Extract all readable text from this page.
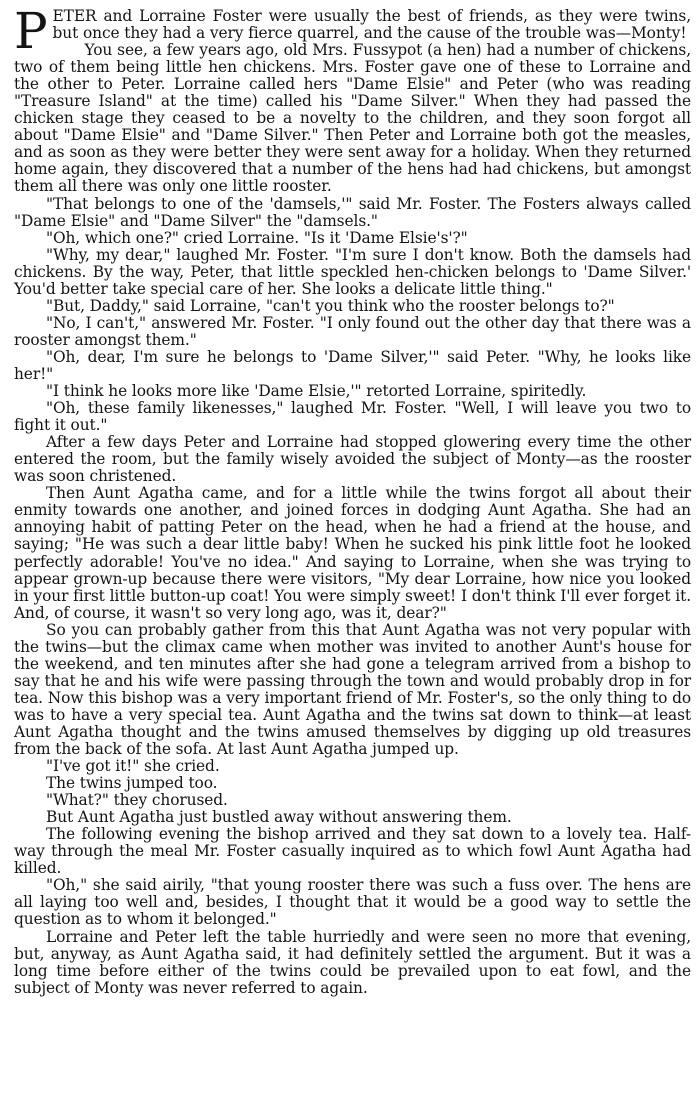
PETER and Lorraine Foster were usually the best of friends, as they were twins, but once they had a very fierce quarrel, and the cause of the trouble was—Monty!

You see, a few years ago, old Mrs. Fussypot (a hen) had a number of chickens, two of them being little hen chickens. Mrs. Foster gave one of these to Lorraine and the other to Peter. Lorraine called hers "Dame Elsie" and Peter (who was reading "Treasure Island" at the time) called his "Dame Silver." When they had passed the chicken stage they ceased to be a novelty to the children, and they soon forgot all about "Dame Elsie" and "Dame Silver." Then Peter and Lorraine both got the measles, and as soon as they were better they were sent away for a holiday. When they returned home again, they discovered that a number of the hens had had chickens, but amongst them all there was only one little rooster.

"That belongs to one of the 'damsels,'" said Mr. Foster. The Fosters always called "Dame Elsie" and "Dame Silver" the "damsels."

"Oh, which one?" cried Lorraine. "Is it 'Dame Elsie's'?"

"Why, my dear," laughed Mr. Foster. "I'm sure I don't know. Both the damsels had chickens. By the way, Peter, that little speckled hen-chicken belongs to 'Dame Silver.' You'd better take special care of her. She looks a delicate little thing."

"But, Daddy," said Lorraine, "can't you think who the rooster belongs to?"

"No, I can't," answered Mr. Foster. "I only found out the other day that there was a rooster amongst them."

"Oh, dear, I'm sure he belongs to 'Dame Silver,'" said Peter. "Why, he looks like her!"

"I think he looks more like 'Dame Elsie,'" retorted Lorraine, spiritedly.

"Oh, these family likenesses," laughed Mr. Foster. "Well, I will leave you two to fight it out."

After a few days Peter and Lorraine had stopped glowering every time the other entered the room, but the family wisely avoided the subject of Monty—as the rooster was soon christened.

Then Aunt Agatha came, and for a little while the twins forgot all about their enmity towards one another, and joined forces in dodging Aunt Agatha. She had an annoying habit of patting Peter on the head, when he had a friend at the house, and saying; "He was such a dear little baby! When he sucked his pink little foot he looked perfectly adorable! You've no idea." And saying to Lorraine, when she was trying to appear grown-up because there were visitors, "My dear Lorraine, how nice you looked in your first little button-up coat! You were simply sweet! I don't think I'll ever forget it. And, of course, it wasn't so very long ago, was it, dear?"

So you can probably gather from this that Aunt Agatha was not very popular with the twins—but the climax came when mother was invited to another Aunt's house for the weekend, and ten minutes after she had gone a telegram arrived from a bishop to say that he and his wife were passing through the town and would probably drop in for tea. Now this bishop was a very important friend of Mr. Foster's, so the only thing to do was to have a very special tea. Aunt Agatha and the twins sat down to think—at least Aunt Agatha thought and the twins amused themselves by digging up old treasures from the back of the sofa. At last Aunt Agatha jumped up.

"I've got it!" she cried.

The twins jumped too.

"What?" they chorused.

But Aunt Agatha just bustled away without answering them.

The following evening the bishop arrived and they sat down to a lovely tea. Half-way through the meal Mr. Foster casually inquired as to which fowl Aunt Agatha had killed.

"Oh," she said airily, "that young rooster there was such a fuss over. The hens are all laying too well and, besides, I thought that it would be a good way to settle the question as to whom it belonged."

Lorraine and Peter left the table hurriedly and were seen no more that evening, but, anyway, as Aunt Agatha said, it had definitely settled the argument. But it was a long time before either of the twins could be prevailed upon to eat fowl, and the subject of Monty was never referred to again.
